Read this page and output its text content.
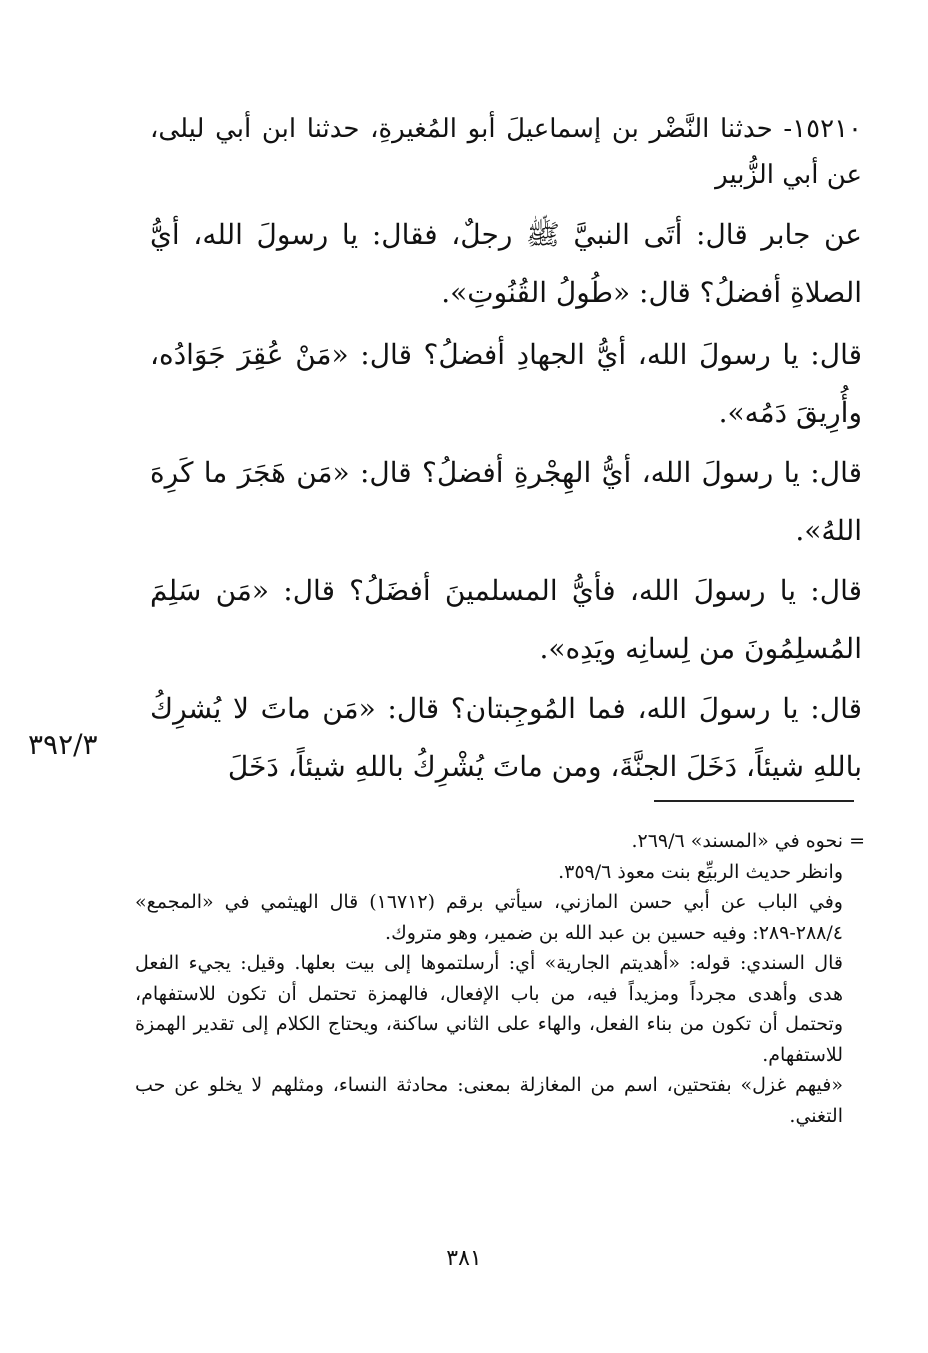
١٥٢١٠- حدثنا النَّضْر بن إسماعيلَ أبو المُغيرةِ، حدثنا ابن أبي ليلى، عن أبي الزُّبير

عن جابر قال: أتَى النبيَّ ﷺ رجلٌ، فقال: يا رسولَ الله، أيُّ الصلاةِ أفضلُ؟ قال: «طُولُ القُنُوتِ».

قال: يا رسولَ الله، أيُّ الجهادِ أفضلُ؟ قال: «مَنْ عُقِرَ جَوَادُه، وأُرِيقَ دَمُه».

قال: يا رسولَ الله، أيُّ الهِجْرةِ أفضلُ؟ قال: «مَن هَجَرَ ما كَرِهَ اللهُ».

قال: يا رسولَ الله، فأيُّ المسلمينَ أفضَلُ؟ قال: «مَن سَلِمَ المُسلِمُونَ من لِسانِه ويَدِه».

قال: يا رسولَ الله، فما المُوجِبتان؟ قال: «مَن ماتَ لا يُشرِكُ باللهِ شيئاً، دَخَلَ الجنَّةَ، ومن ماتَ يُشْرِكُ باللهِ شيئاً، دَخَلَ

٣٩٢/٣

= نحوه في «المسند» ٢٦٩/٦.

وانظر حديث الربيِّع بنت معوذ ٣٥٩/٦.

وفي الباب عن أبي حسن المازني، سيأتي برقم (١٦٧١٢) قال الهيثمي في «المجمع» ٢٨٨/٤-٢٨٩: وفيه حسين بن عبد الله بن ضمير، وهو متروك.

قال السندي: قوله: «أهديتم الجارية» أي: أرسلتموها إلى بيت بعلها. وقيل: يجيء الفعل هدى وأهدى مجرداً ومزيداً فيه، من باب الإفعال، فالهمزة تحتمل أن تكون للاستفهام، وتحتمل أن تكون من بناء الفعل، والهاء على الثاني ساكنة، ويحتاج الكلام إلى تقدير الهمزة للاستفهام.

«فيهم غزل» بفتحتين، اسم من المغازلة بمعنى: محادثة النساء، ومثلهم لا يخلو عن حب التغني.

٣٨١
